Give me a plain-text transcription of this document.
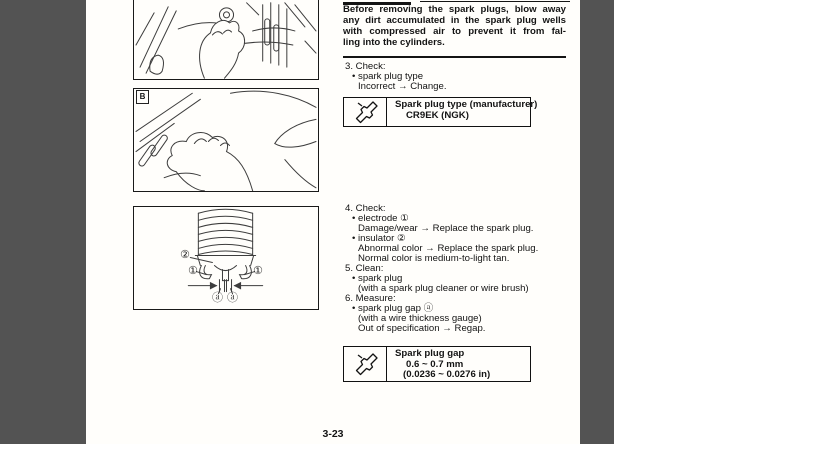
B
②
①	①
ⓐ ⓐ
Before removing the spark plugs, blow away
any dirt accumulated in the spark plug wells
with compressed air to prevent it from fal-
ling into the cylinders.
3. Check:
• spark plug type
Incorrect → Change.
Spark plug type (manufacturer)
CR9EK (NGK)
4. Check:
• electrode ①
Damage/wear → Replace the spark plug.
• insulator ②
Abnormal color → Replace the spark plug.
Normal color is medium-to-light tan.
5. Clean:
• spark plug
(with a spark plug cleaner or wire brush)
6. Measure:
• spark plug gap ⓐ
(with a wire thickness gauge)
Out of specification → Regap.
Spark plug gap
0.6 ~ 0.7 mm
(0.0236 ~ 0.0276 in)
3-23
